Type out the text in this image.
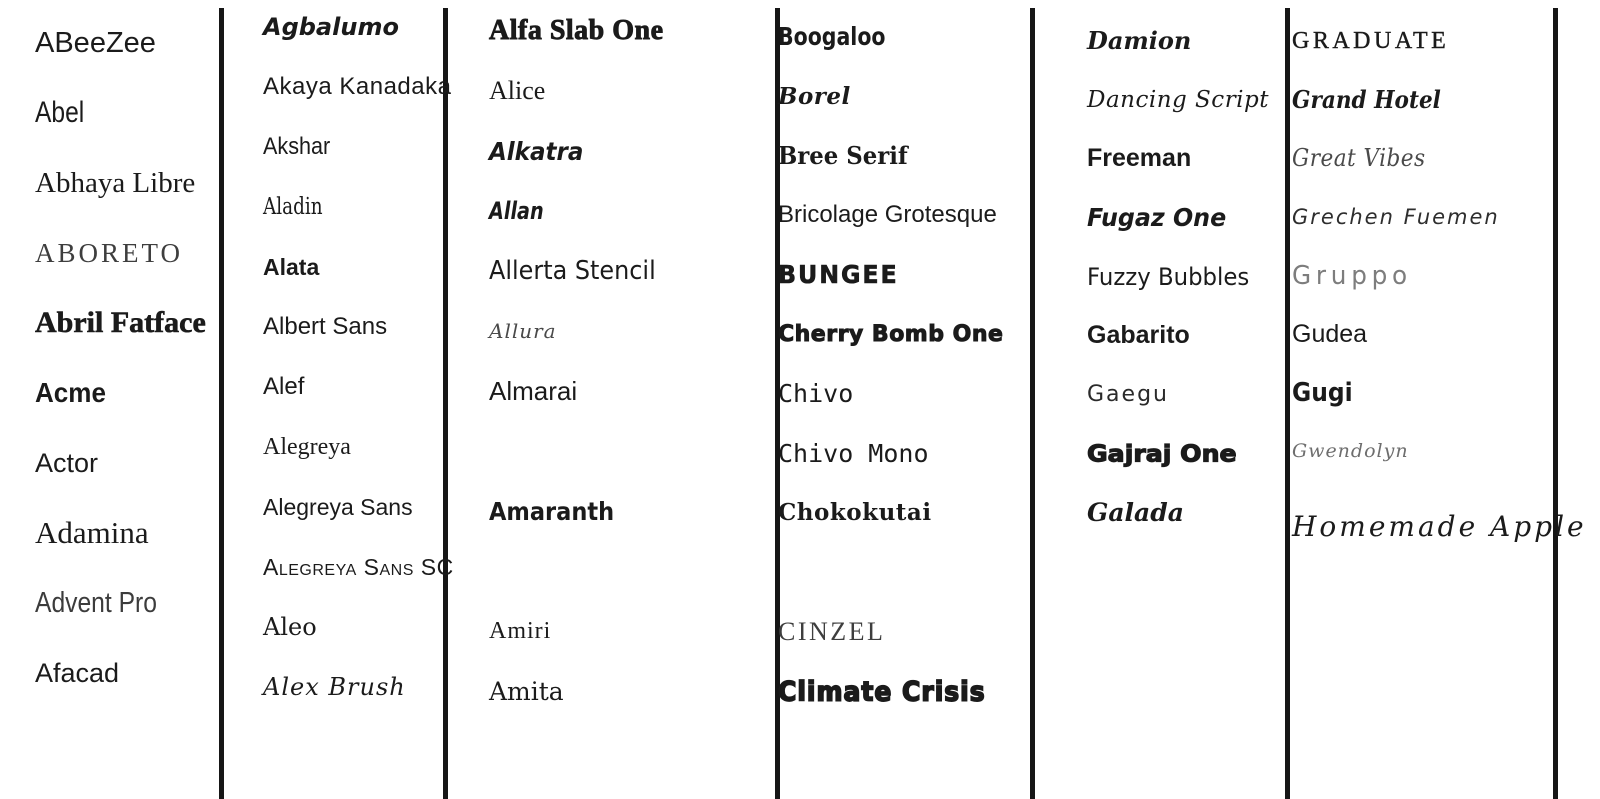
ABeeZee
Abel
Abhaya Libre
ABORETO
Abril Fatface
Acme
Actor
Adamina
Advent Pro
Afacad
Agbalumo
Akaya Kanadaka
Akshar
Aladin
Alata
Albert Sans
Alef
Alegreya
Alegreya Sans
Alegreya Sans SC
Aleo
Alex Brush
Alfa Slab One
Alice
Alkatra
Allan
Allerta Stencil
Allura
Almarai
Amaranth
Amiri
Amita
Boogaloo
Borel
Bree Serif
Bricolage Grotesque
BUNGEE
Cherry Bomb One
Chivo
Chivo Mono
Chokokutai
CINZEL
Climate Crisis
Damion
Dancing Script
Freeman
Fugaz One
Fuzzy Bubbles
Gabarito
Gaegu
Gajraj One
Galada
GRADUATE
Grand Hotel
Great Vibes
Grechen Fuemen
Gruppo
Gudea
Gugi
Gwendolyn
Homemade Apple
